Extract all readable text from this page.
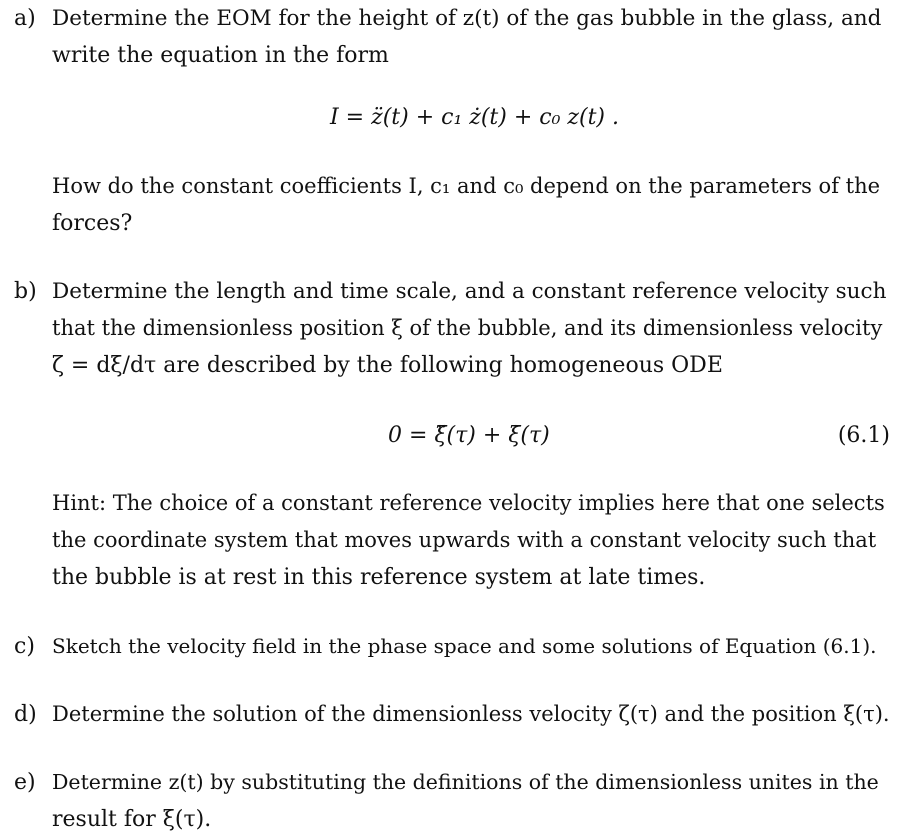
a) Determine the EOM for the height of z(t) of the gas bubble in the glass, and
write the equation in the form
I = z̈(t) + c₁ ż(t) + c₀ z(t) .
How do the constant coefficients I, c₁ and c₀ depend on the parameters of the
forces?
b) Determine the length and time scale, and a constant reference velocity such
that the dimensionless position ξ of the bubble, and its dimensionless velocity
ζ = dξ/dτ are described by the following homogeneous ODE
0 = ξ̈(τ) + ξ̇(τ)	(6.1)
Hint: The choice of a constant reference velocity implies here that one selects
the coordinate system that moves upwards with a constant velocity such that
the bubble is at rest in this reference system at late times.
c) Sketch the velocity field in the phase space and some solutions of Equation (6.1).
d) Determine the solution of the dimensionless velocity ζ(τ) and the position ξ(τ).
e) Determine z(t) by substituting the definitions of the dimensionless unites in the
result for ξ(τ).
